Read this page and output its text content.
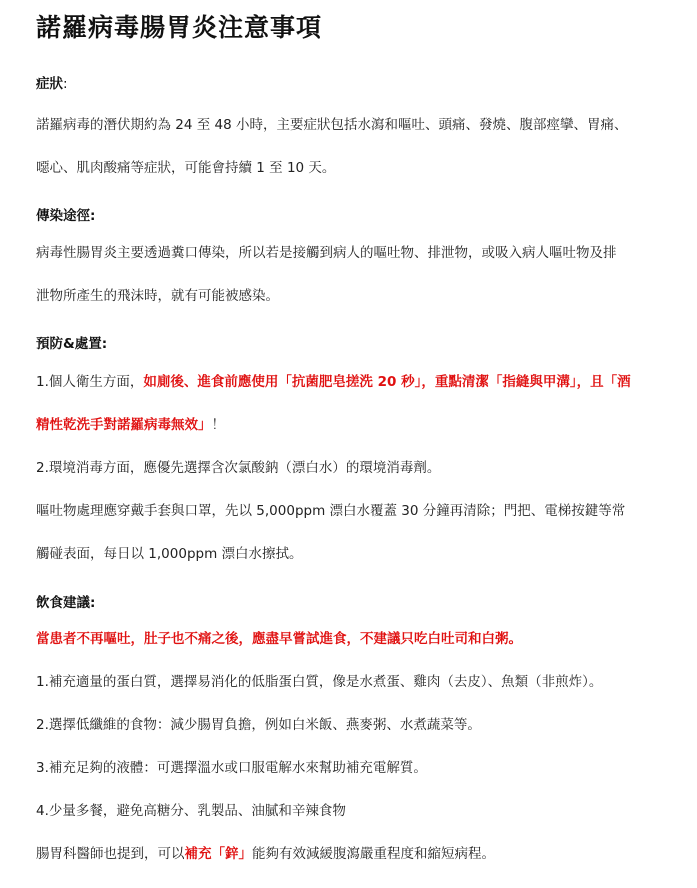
諾羅病毒腸胃炎注意事項

症狀:

諾羅病毒的潛伏期約為 24 至 48 小時，主要症狀包括水瀉和嘔吐、頭痛、發燒、腹部痙攣、胃痛、

噁心、肌肉酸痛等症狀，可能會持續 1 至 10 天。

傳染途徑:

病毒性腸胃炎主要透過糞口傳染，所以若是接觸到病人的嘔吐物、排泄物，或吸入病人嘔吐物及排

泄物所產生的飛沫時，就有可能被感染。

預防&處置:

1.個人衛生方面，如廁後、進食前應使用「抗菌肥皂搓洗 20 秒」，重點清潔「指縫與甲溝」，且「酒

精性乾洗手對諾羅病毒無效」！

2.環境消毒方面，應優先選擇含次氯酸鈉（漂白水）的環境消毒劑。

嘔吐物處理應穿戴手套與口罩，先以 5,000ppm 漂白水覆蓋 30 分鐘再清除；門把、電梯按鍵等常

觸碰表面，每日以 1,000ppm 漂白水擦拭。

飲食建議:

當患者不再嘔吐，肚子也不痛之後，應盡早嘗試進食，不建議只吃白吐司和白粥。

1.補充適量的蛋白質，選擇易消化的低脂蛋白質，像是水煮蛋、雞肉（去皮）、魚類（非煎炸）。

2.選擇低纖維的食物：減少腸胃負擔，例如白米飯、燕麥粥、水煮蔬菜等。

3.補充足夠的液體：可選擇溫水或口服電解水來幫助補充電解質。

4.少量多餐，避免高糖分、乳製品、油膩和辛辣食物

腸胃科醫師也提到，可以補充「鋅」能夠有效減緩腹瀉嚴重程度和縮短病程。
